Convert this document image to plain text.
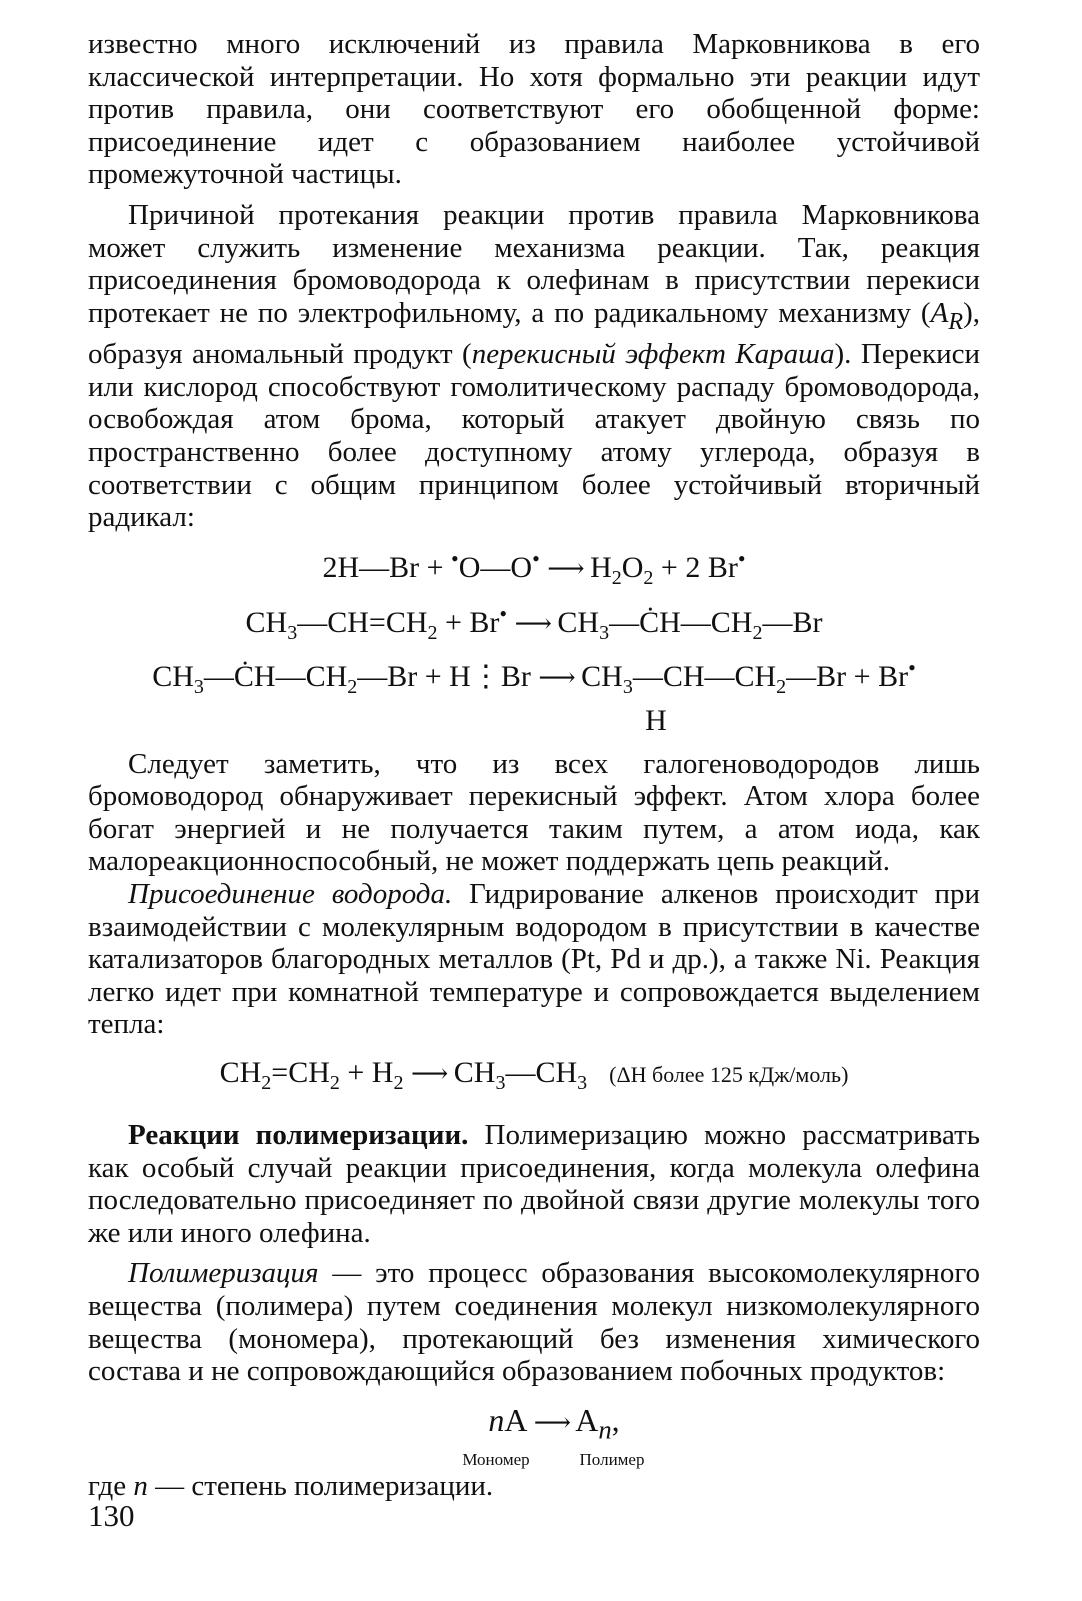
известно много исключений из правила Марковникова в его классической интерпретации. Но хотя формально эти реакции идут против правила, они соответствуют его обобщенной форме: присоединение идет с образованием наиболее устойчивой промежуточной частицы.

Причиной протекания реакции против правила Марковникова может служить изменение механизма реакции. Так, реакция присоединения бромоводорода к олефинам в присутствии перекиси протекает не по электрофильному, а по радикальному механизму $(A_R)$, образуя аномальный продукт (перекисный эффект Караша). Перекиси или кислород способствуют гомолитическому распаду бромоводорода, освобождая атом брома, который атакует двойную связь по пространственно более доступному атому углерода, образуя в соответствии с общим принципом более устойчивый вторичный радикал:

2H—Br + •O—O• ⟶ $H_2O_2 + 2$ Br•
$CH_3—CH=CH_2 + Br^•$ ⟶ $CH_3—ĊH—CH_2—Br$
$CH_3—ĊH—CH_2—Br$ + H⋮Br ⟶ $CH_3—CH—CH_2—Br + Br^•$
H

Следует заметить, что из всех галогеноводородов лишь бромоводород обнаруживает перекисный эффект. Атом хлора более богат энергией и не получается таким путем, а атом иода, как малореакционноспособный, не может поддержать цепь реакций.

Присоединение водорода. Гидрирование алкенов происходит при взаимодействии с молекулярным водородом в присутствии в качестве катализаторов благородных металлов (Pt, Pd и др.), а также Ni. Реакция легко идет при комнатной температуре и сопровождается выделением тепла:

$CH_2=CH_2 + H_2$ ⟶ $CH_3—CH_3$ (ΔH более 125 кДж/моль)

Реакции полимеризации. Полимеризацию можно рассматривать как особый случай реакции присоединения, когда молекула олефина последовательно присоединяет по двойной связи другие молекулы того же или иного олефина.

Полимеризация — это процесс образования высокомолекулярного вещества (полимера) путем соединения молекул низкомолекулярного вещества (мономера), протекающий без изменения химического состава и не сопровождающийся образованием побочных продуктов:

nA ⟶ $A_n$,
Мономер	Полимер

где n — степень полимеризации.

130
